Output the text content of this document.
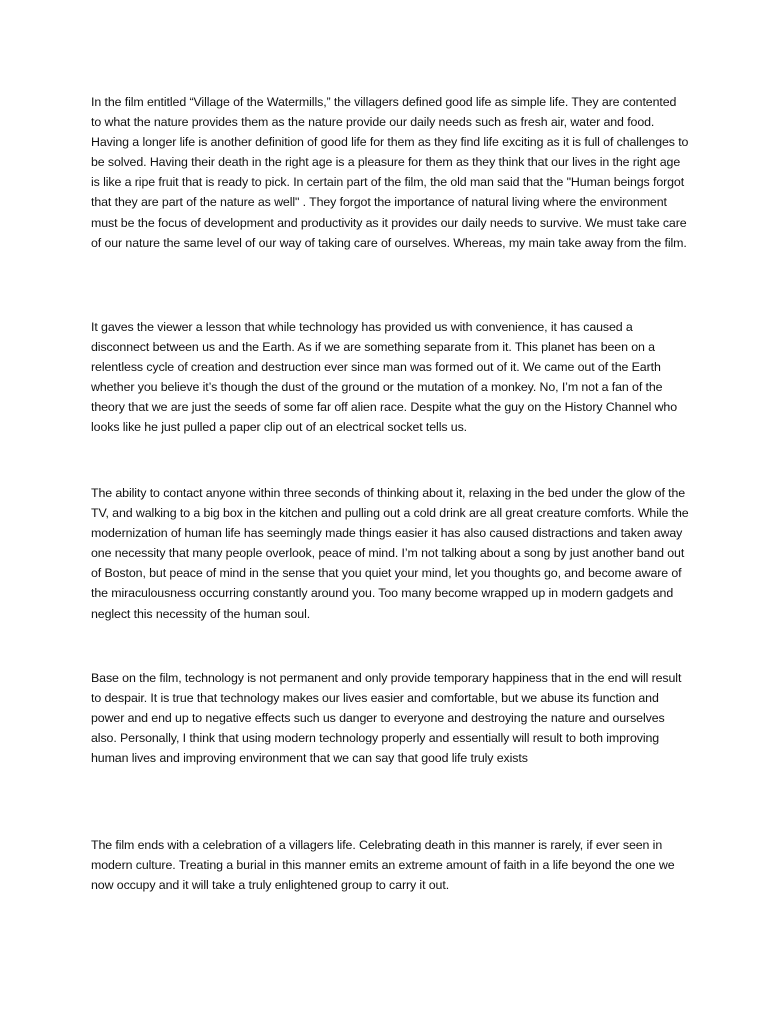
In the film entitled “Village of the Watermills,” the villagers defined good life as simple life. They are contented to what the nature provides them as the nature provide our daily needs such as fresh air, water and food. Having a longer life is another definition of good life for them as they find life exciting as it is full of challenges to be solved. Having their death in the right age is a pleasure for them as they think that our lives in the right age is like a ripe fruit that is ready to pick. In certain part of the film, the old man said that the "Human beings forgot that they are part of the nature as well" . They forgot the importance of natural living where the environment must be the focus of development and productivity as it provides our daily needs to survive. We must take care of our nature the same level of our way of taking care of ourselves. Whereas, my main take away from the film.

It gaves the viewer a lesson that while technology has provided us with convenience, it has caused a disconnect between us and the Earth. As if we are something separate from it. This planet has been on a relentless cycle of creation and destruction ever since man was formed out of it. We came out of the Earth whether you believe it’s though the dust of the ground or the mutation of a monkey. No, I’m not a fan of the theory that we are just the seeds of some far off alien race. Despite what the guy on the History Channel who looks like he just pulled a paper clip out of an electrical socket tells us.

The ability to contact anyone within three seconds of thinking about it, relaxing in the bed under the glow of the TV, and walking to a big box in the kitchen and pulling out a cold drink are all great creature comforts. While the modernization of human life has seemingly made things easier it has also caused distractions and taken away one necessity that many people overlook, peace of mind. I’m not talking about a song by just another band out of Boston, but peace of mind in the sense that you quiet your mind, let you thoughts go, and become aware of the miraculousness occurring constantly around you. Too many become wrapped up in modern gadgets and neglect this necessity of the human soul.

Base on the film, technology is not permanent and only provide temporary happiness that in the end will result to despair. It is true that technology makes our lives easier and comfortable, but we abuse its function and power and end up to negative effects such us danger to everyone and destroying the nature and ourselves also. Personally, I think that using modern technology properly and essentially will result to both improving human lives and improving environment that we can say that good life truly exists

The film ends with a celebration of a villagers life. Celebrating death in this manner is rarely, if ever seen in modern culture. Treating a burial in this manner emits an extreme amount of faith in a life beyond the one we now occupy and it will take a truly enlightened group to carry it out.
